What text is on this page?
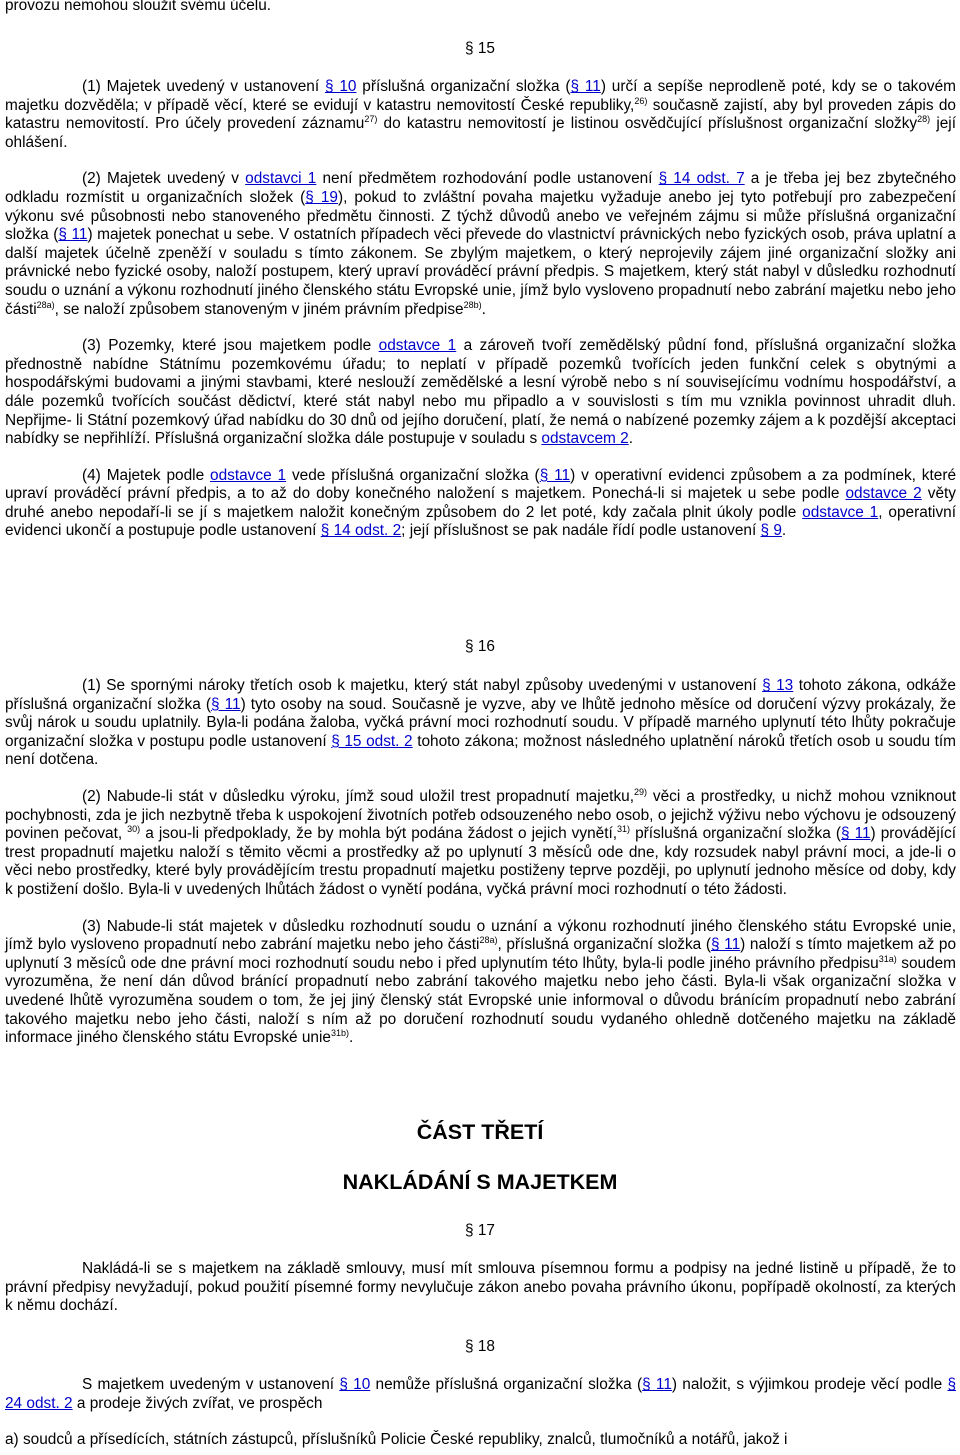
provozu nemohou sloužit svému účelu.

§ 15

(1) Majetek uvedený v ustanovení § 10 příslušná organizační složka (§ 11) určí a sepíše neprodleně poté, kdy se o takovém majetku dozvěděla; v případě věcí, které se evidují v katastru nemovitostí České republiky,$^{26)}$ současně zajistí, aby byl proveden zápis do katastru nemovitostí. Pro účely provedení záznamu$^{27)}$ do katastru nemovitostí je listinou osvědčující příslušnost organizační složky$^{28)}$ její ohlášení.

(2) Majetek uvedený v odstavci 1 není předmětem rozhodování podle ustanovení § 14 odst. 7 a je třeba jej bez zbytečného odkladu rozmístit u organizačních složek (§ 19), pokud to zvláštní povaha majetku vyžaduje anebo jej tyto potřebují pro zabezpečení výkonu své působnosti nebo stanoveného předmětu činnosti. Z týchž důvodů anebo ve veřejném zájmu si může příslušná organizační složka (§ 11) majetek ponechat u sebe. V ostatních případech věci převede do vlastnictví právnických nebo fyzických osob, práva uplatní a další majetek účelně zpeněží v souladu s tímto zákonem. Se zbylým majetkem, o který neprojevily zájem jiné organizační složky ani právnické nebo fyzické osoby, naloží postupem, který upraví prováděcí právní předpis. S majetkem, který stát nabyl v důsledku rozhodnutí soudu o uznání a výkonu rozhodnutí jiného členského státu Evropské unie, jímž bylo vysloveno propadnutí nebo zabrání majetku nebo jeho části$^{28a)}$, se naloží způsobem stanoveným v jiném právním předpise$^{28b)}$.

(3) Pozemky, které jsou majetkem podle odstavce 1 a zároveň tvoří zemědělský půdní fond, příslušná organizační složka přednostně nabídne Státnímu pozemkovému úřadu; to neplatí v případě pozemků tvořících jeden funkční celek s obytnými a hospodářskými budovami a jinými stavbami, které neslouží zemědělské a lesní výrobě nebo s ní souvisejícímu vodnímu hospodářství, a dále pozemků tvořících součást dědictví, které stát nabyl nebo mu připadlo a v souvislosti s tím mu vznikla povinnost uhradit dluh. Nepřijme- li Státní pozemkový úřad nabídku do 30 dnů od jejího doručení, platí, že nemá o nabízené pozemky zájem a k pozdější akceptaci nabídky se nepřihlíží. Příslušná organizační složka dále postupuje v souladu s odstavcem 2.

(4) Majetek podle odstavce 1 vede příslušná organizační složka (§ 11) v operativní evidenci způsobem a za podmínek, které upraví prováděcí právní předpis, a to až do doby konečného naložení s majetkem. Ponechá-li si majetek u sebe podle odstavce 2 věty druhé anebo nepodaří-li se jí s majetkem naložit konečným způsobem do 2 let poté, kdy začala plnit úkoly podle odstavce 1, operativní evidenci ukončí a postupuje podle ustanovení § 14 odst. 2; její příslušnost se pak nadále řídí podle ustanovení § 9.

§ 16

(1) Se spornými nároky třetích osob k majetku, který stát nabyl způsoby uvedenými v ustanovení § 13 tohoto zákona, odkáže příslušná organizační složka (§ 11) tyto osoby na soud. Současně je vyzve, aby ve lhůtě jednoho měsíce od doručení výzvy prokázaly, že svůj nárok u soudu uplatnily. Byla-li podána žaloba, vyčká právní moci rozhodnutí soudu. V případě marného uplynutí této lhůty pokračuje organizační složka v postupu podle ustanovení § 15 odst. 2 tohoto zákona; možnost následného uplatnění nároků třetích osob u soudu tím není dotčena.

(2) Nabude-li stát v důsledku výroku, jímž soud uložil trest propadnutí majetku,$^{29)}$ věci a prostředky, u nichž mohou vzniknout pochybnosti, zda je jich nezbytně třeba k uspokojení životních potřeb odsouzeného nebo osob, o jejichž výživu nebo výchovu je odsouzený povinen pečovat, $^{30)}$ a jsou-li předpoklady, že by mohla být podána žádost o jejich vynětí,$^{31)}$ příslušná organizační složka (§ 11) provádějící trest propadnutí majetku naloží s těmito věcmi a prostředky až po uplynutí 3 měsíců ode dne, kdy rozsudek nabyl právní moci, a jde-li o věci nebo prostředky, které byly provádějícím trestu propadnutí majetku postiženy teprve později, po uplynutí jednoho měsíce od doby, kdy k postižení došlo. Byla-li v uvedených lhůtách žádost o vynětí podána, vyčká právní moci rozhodnutí o této žádosti.

(3) Nabude-li stát majetek v důsledku rozhodnutí soudu o uznání a výkonu rozhodnutí jiného členského státu Evropské unie, jímž bylo vysloveno propadnutí nebo zabrání majetku nebo jeho části$^{28a)}$, příslušná organizační složka (§ 11) naloží s tímto majetkem až po uplynutí 3 měsíců ode dne právní moci rozhodnutí soudu nebo i před uplynutím této lhůty, byla-li podle jiného právního předpisu$^{31a)}$ soudem vyrozuměna, že není dán důvod bránící propadnutí nebo zabrání takového majetku nebo jeho části. Byla-li však organizační složka v uvedené lhůtě vyrozuměna soudem o tom, že jej jiný členský stát Evropské unie informoval o důvodu bránícím propadnutí nebo zabrání takového majetku nebo jeho části, naloží s ním až po doručení rozhodnutí soudu vydaného ohledně dotčeného majetku na základě informace jiného členského státu Evropské unie$^{31b)}$.

ČÁST TŘETÍ
NAKLÁDÁNÍ S MAJETKEM

§ 17

Nakládá-li se s majetkem na základě smlouvy, musí mít smlouva písemnou formu a podpisy na jedné listině u případě, že to právní předpisy nevyžadují, pokud použití písemné formy nevylučuje zákon anebo povaha právního úkonu, popřípadě okolností, za kterých k němu dochází.

§ 18

S majetkem uvedeným v ustanovení § 10 nemůže příslušná organizační složka (§ 11) naložit, s výjimkou prodeje věcí podle § 24 odst. 2 a prodeje živých zvířat, ve prospěch

a) soudců a přísedících, státních zástupců, příslušníků Policie České republiky, znalců, tlumočníků a notářů, jakož i
